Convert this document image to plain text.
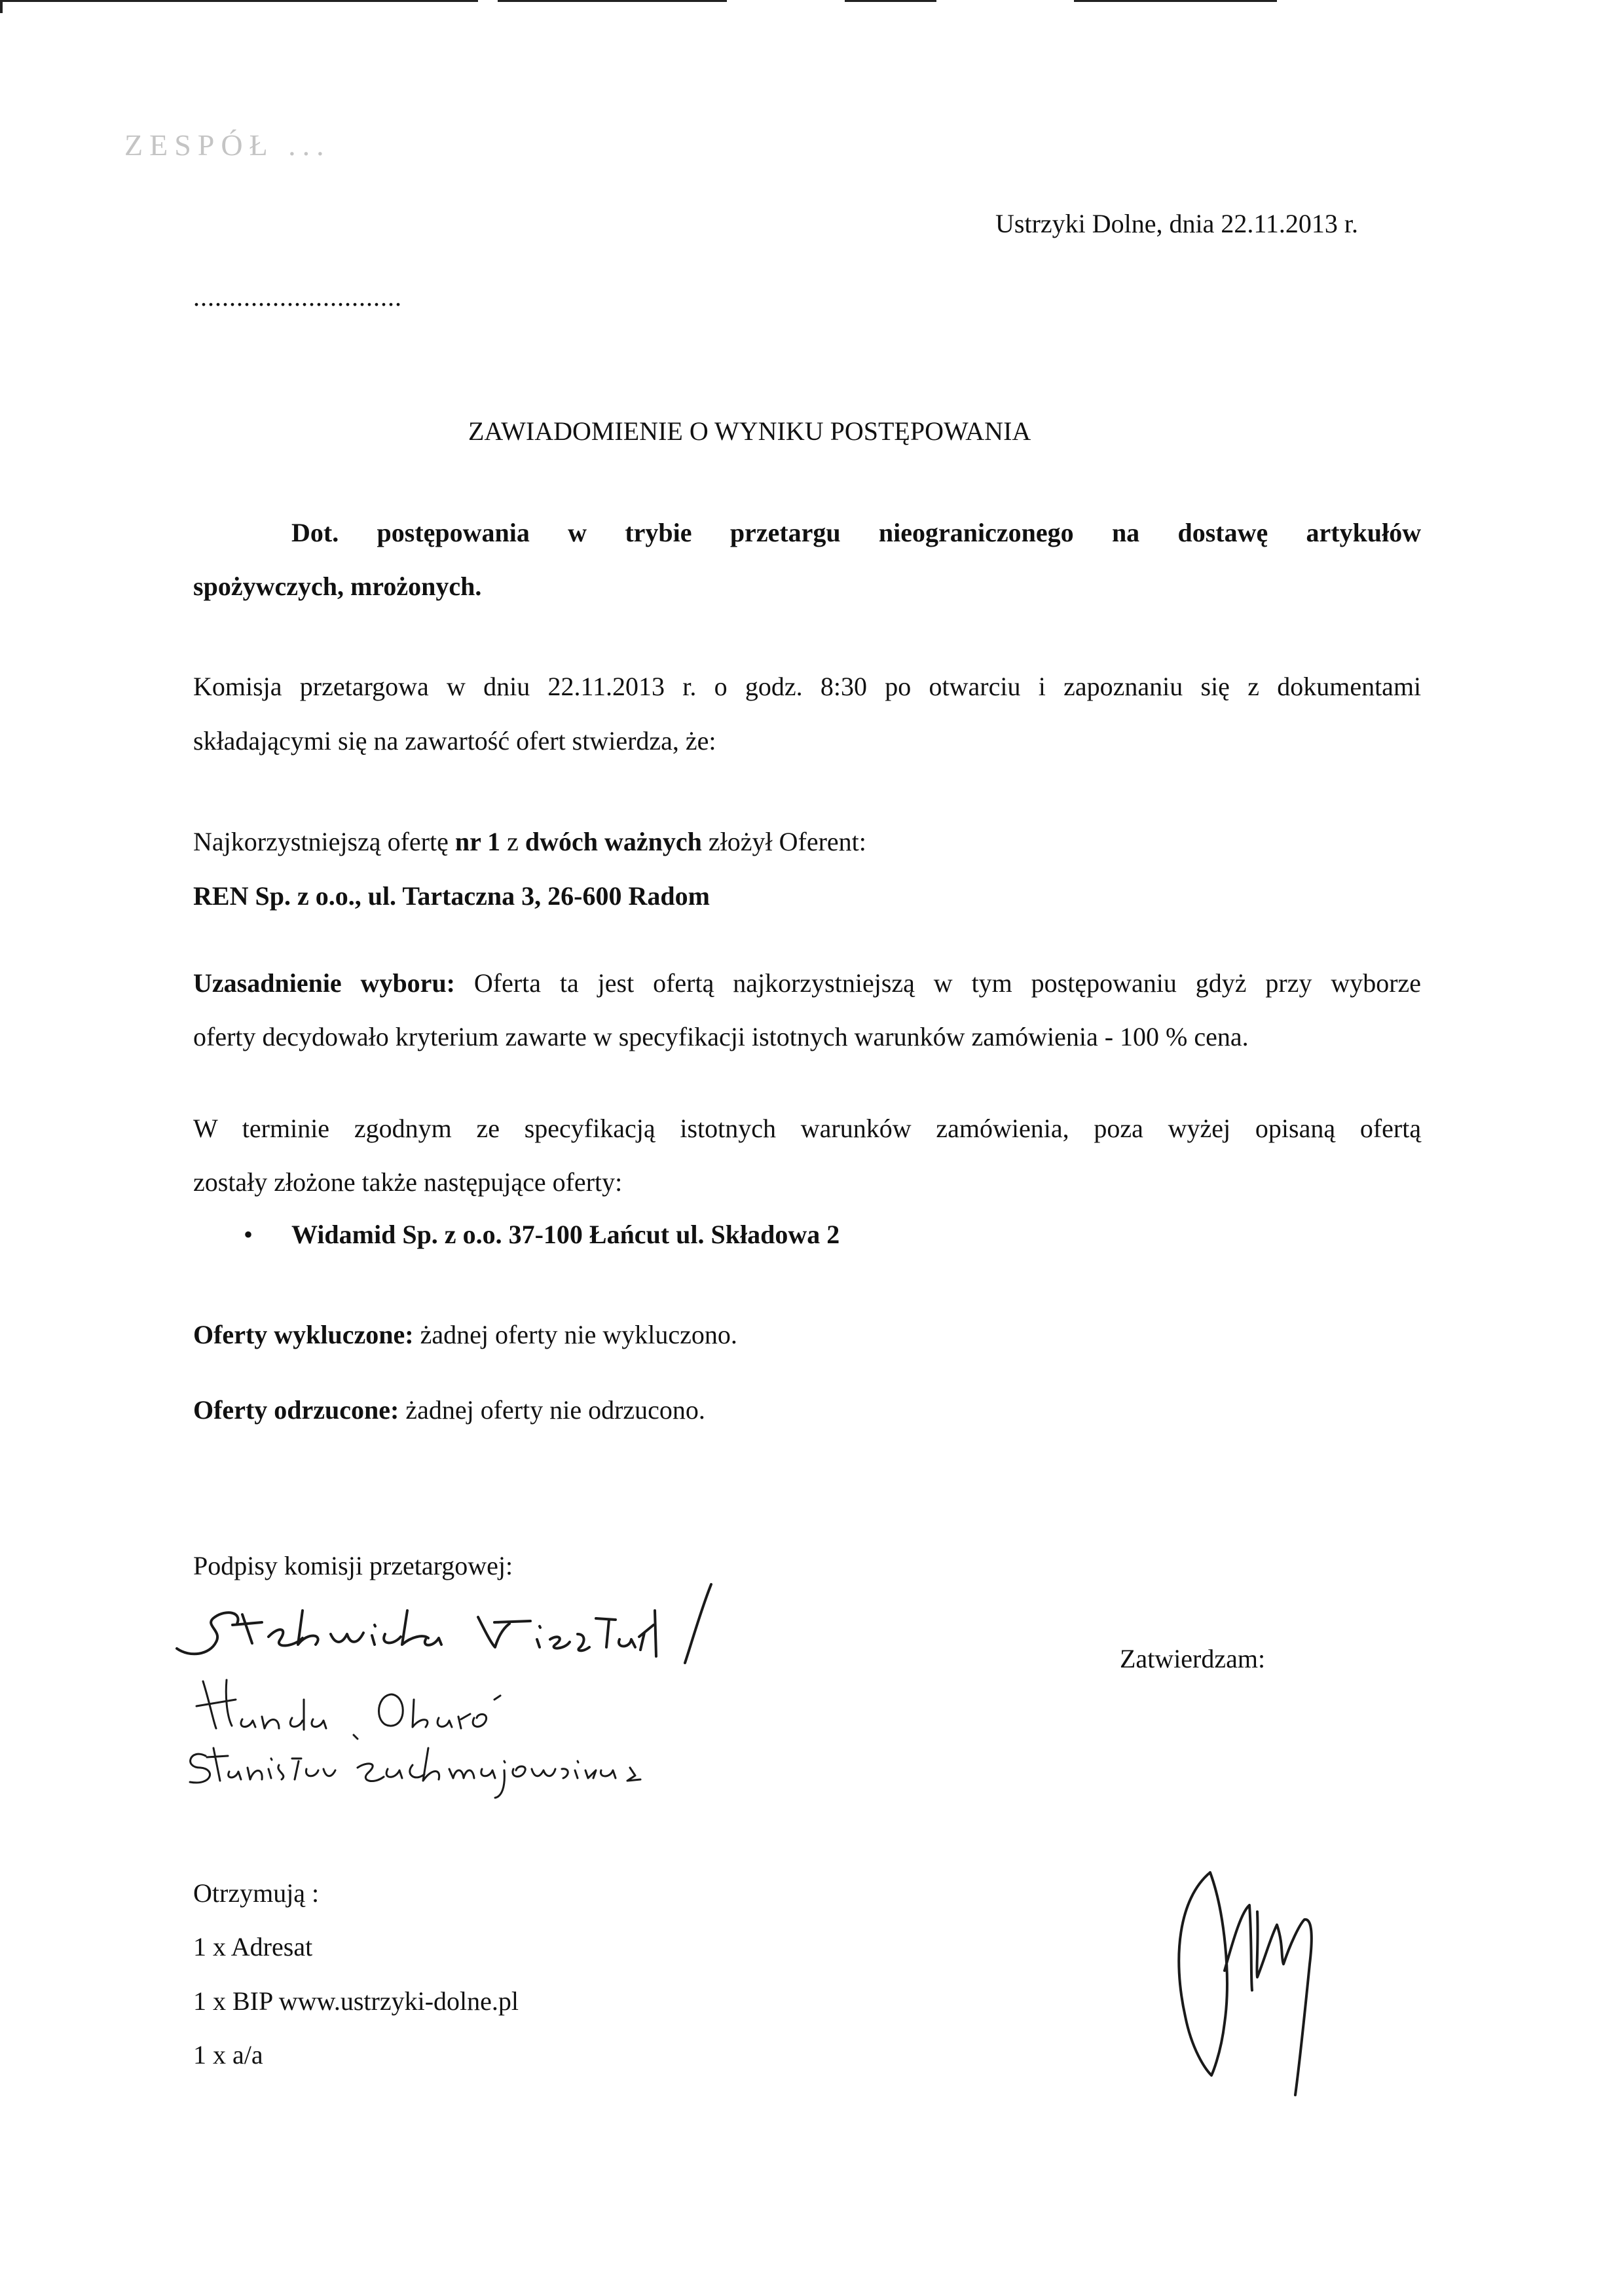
ZESPÓŁ ...
Ustrzyki Dolne, dnia 22.11.2013 r.
.............................
ZAWIADOMIENIE O WYNIKU POSTĘPOWANIA
Dot. postępowania w trybie przetargu nieograniczonego na dostawę artykułów
spożywczych, mrożonych.
Komisja przetargowa w dniu 22.11.2013 r. o godz. 8:30 po otwarciu i zapoznaniu się z dokumentami
składającymi się na zawartość ofert stwierdza, że:
Najkorzystniejszą ofertę nr 1 z dwóch ważnych złożył Oferent:
REN Sp. z o.o., ul. Tartaczna 3, 26-600 Radom
Uzasadnienie wyboru: Oferta ta jest ofertą najkorzystniejszą w tym postępowaniu gdyż przy wyborze
oferty decydowało kryterium zawarte w specyfikacji istotnych warunków zamówienia - 100 % cena.
W terminie zgodnym ze specyfikacją istotnych warunków zamówienia, poza wyżej opisaną ofertą
zostały złożone także następujące oferty:
• Widamid Sp. z o.o. 37-100 Łańcut ul. Składowa 2
Oferty wykluczone: żadnej oferty nie wykluczono.
Oferty odrzucone: żadnej oferty nie odrzucono.
Podpisy komisji przetargowej:
Zatwierdzam:
Otrzymują :
1 x Adresat
1 x BIP www.ustrzyki-dolne.pl
1 x a/a
